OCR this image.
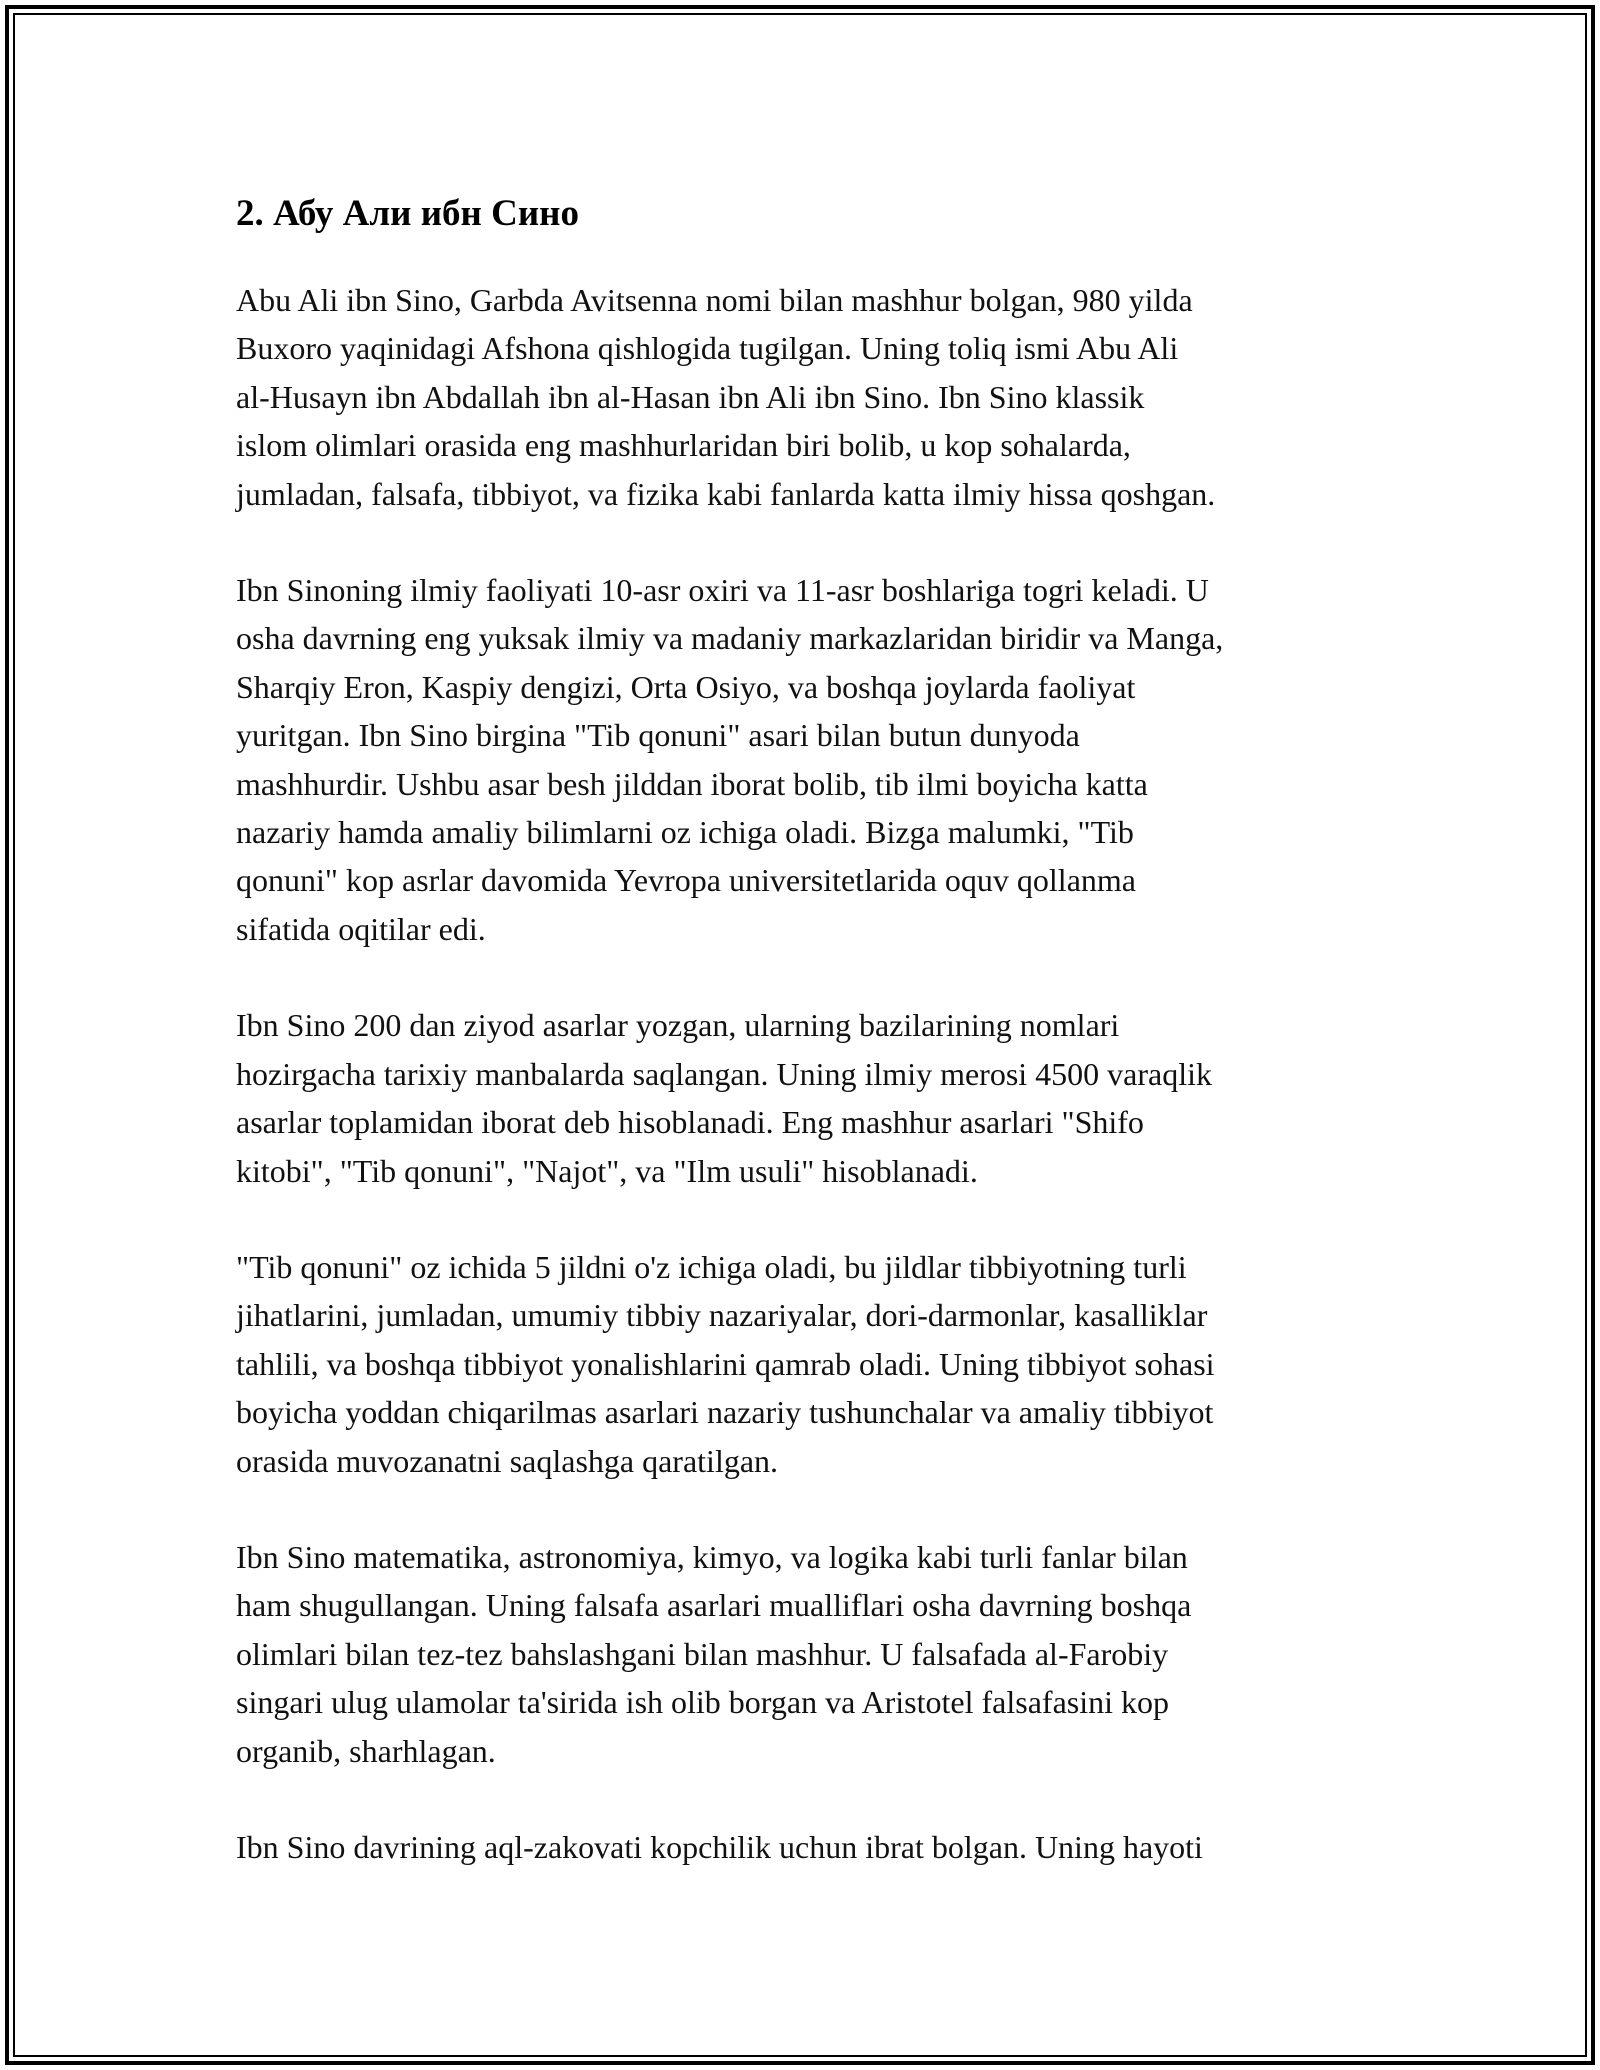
2. Абу Али ибн Сино

Abu Ali ibn Sino, Garbda Avitsenna nomi bilan mashhur bolgan, 980 yilda
Buxoro yaqinidagi Afshona qishlogida tugilgan. Uning toliq ismi Abu Ali
al-Husayn ibn Abdallah ibn al-Hasan ibn Ali ibn Sino. Ibn Sino klassik
islom olimlari orasida eng mashhurlaridan biri bolib, u kop sohalarda,
jumladan, falsafa, tibbiyot, va fizika kabi fanlarda katta ilmiy hissa qoshgan.

Ibn Sinoning ilmiy faoliyati 10-asr oxiri va 11-asr boshlariga togri keladi. U
osha davrning eng yuksak ilmiy va madaniy markazlaridan biridir va Manga,
Sharqiy Eron, Kaspiy dengizi, Orta Osiyo, va boshqa joylarda faoliyat
yuritgan. Ibn Sino birgina "Tib qonuni" asari bilan butun dunyoda
mashhurdir. Ushbu asar besh jilddan iborat bolib, tib ilmi boyicha katta
nazariy hamda amaliy bilimlarni oz ichiga oladi. Bizga malumki, "Tib
qonuni" kop asrlar davomida Yevropa universitetlarida oquv qollanma
sifatida oqitilar edi.

Ibn Sino 200 dan ziyod asarlar yozgan, ularning bazilarining nomlari
hozirgacha tarixiy manbalarda saqlangan. Uning ilmiy merosi 4500 varaqlik
asarlar toplamidan iborat deb hisoblanadi. Eng mashhur asarlari "Shifo
kitobi", "Tib qonuni", "Najot", va "Ilm usuli" hisoblanadi.

"Tib qonuni" oz ichida 5 jildni o'z ichiga oladi, bu jildlar tibbiyotning turli
jihatlarini, jumladan, umumiy tibbiy nazariyalar, dori-darmonlar, kasalliklar
tahlili, va boshqa tibbiyot yonalishlarini qamrab oladi. Uning tibbiyot sohasi
boyicha yoddan chiqarilmas asarlari nazariy tushunchalar va amaliy tibbiyot
orasida muvozanatni saqlashga qaratilgan.

Ibn Sino matematika, astronomiya, kimyo, va logika kabi turli fanlar bilan
ham shugullangan. Uning falsafa asarlari mualliflari osha davrning boshqa
olimlari bilan tez-tez bahslashgani bilan mashhur. U falsafada al-Farobiy
singari ulug ulamolar ta'sirida ish olib borgan va Aristotel falsafasini kop
organib, sharhlagan.

Ibn Sino davrining aql-zakovati kopchilik uchun ibrat bolgan. Uning hayoti
